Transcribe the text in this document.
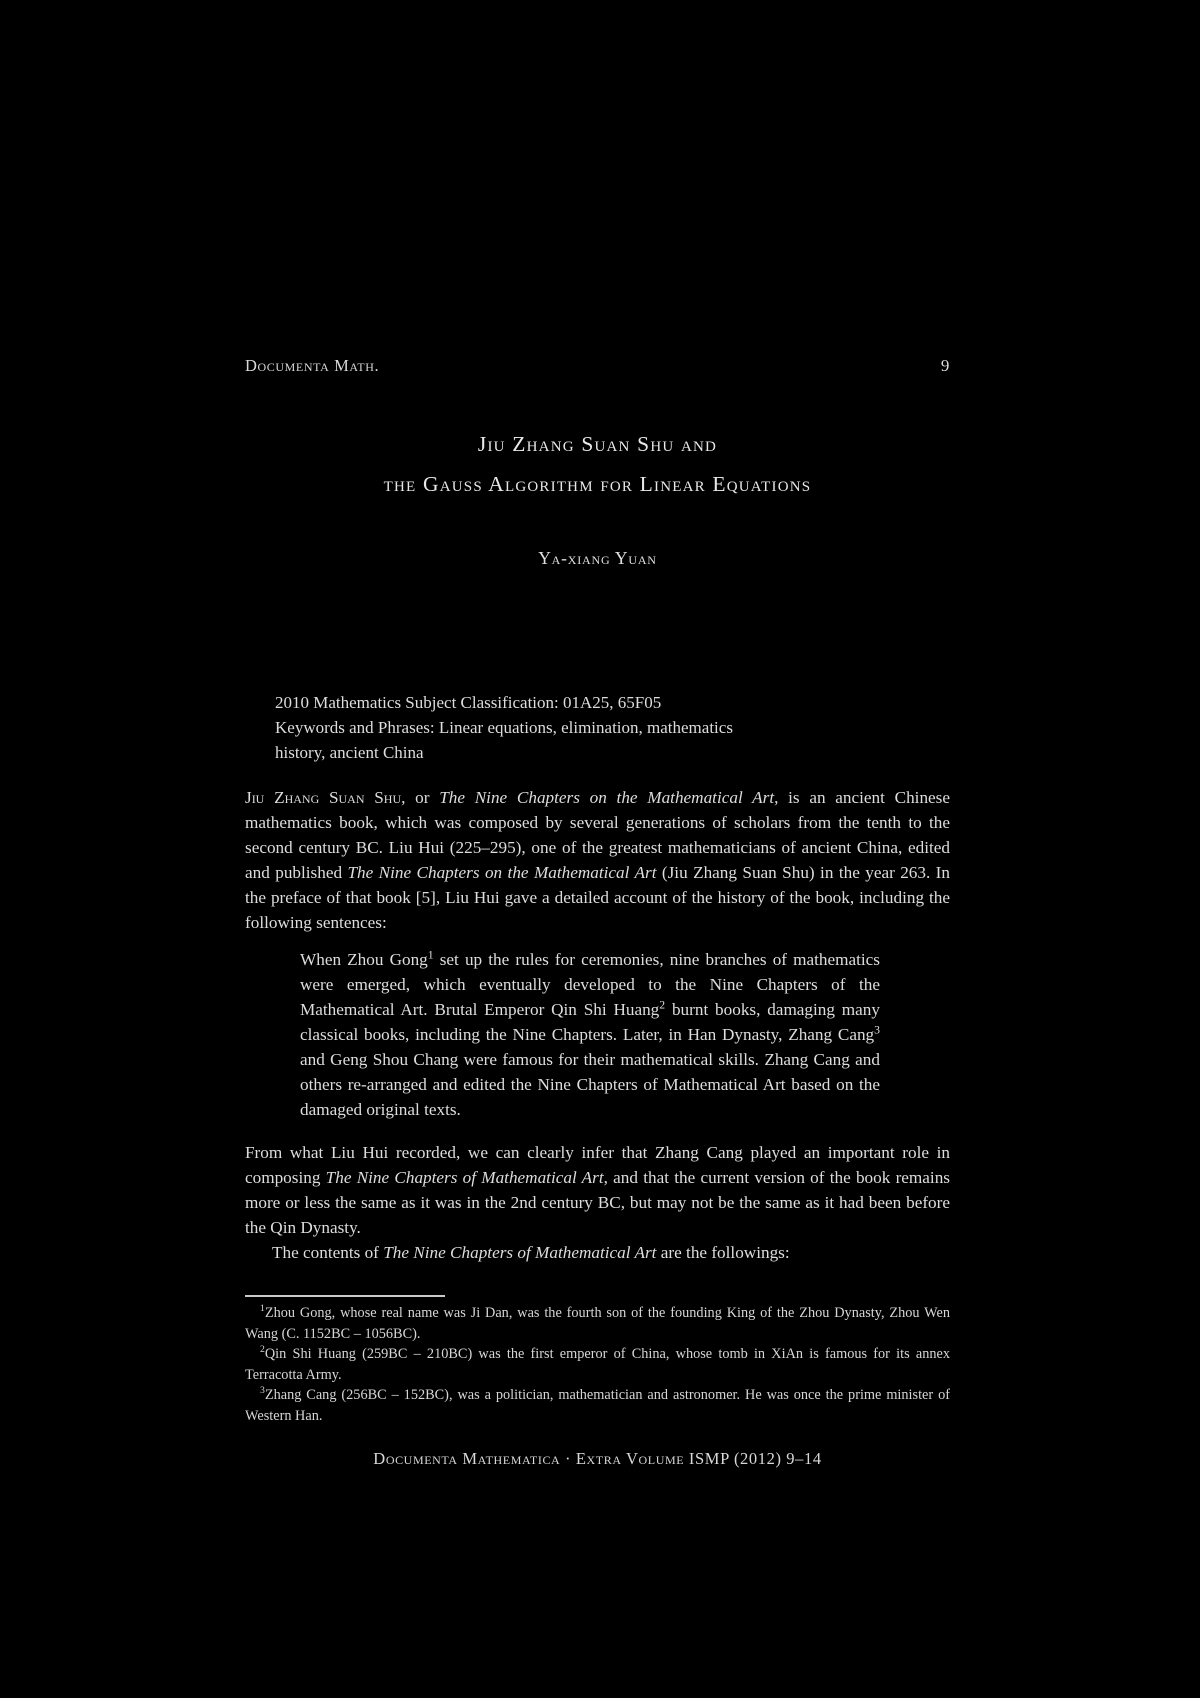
Documenta Math.	9
Jiu Zhang Suan Shu and
the Gauss Algorithm for Linear Equations
Ya-xiang Yuan

2010 Mathematics Subject Classification: 01A25, 65F05

Keywords and Phrases: Linear equations, elimination, mathematics

history, ancient China

Jiu Zhang Suan Shu, or The Nine Chapters on the Mathematical Art, is an ancient Chinese mathematics book, which was composed by several generations of scholars from the tenth to the second century BC. Liu Hui (225–295), one of the greatest mathematicians of ancient China, edited and published The Nine Chapters on the Mathematical Art (Jiu Zhang Suan Shu) in the year 263. In the preface of that book [5], Liu Hui gave a detailed account of the history of the book, including the following sentences:

When Zhou Gong$^1$ set up the rules for ceremonies, nine branches of mathematics were emerged, which eventually developed to the Nine Chapters of the Mathematical Art. Brutal Emperor Qin Shi Huang$^2$ burnt books, damaging many classical books, including the Nine Chapters. Later, in Han Dynasty, Zhang Cang$^3$ and Geng Shou Chang were famous for their mathematical skills. Zhang Cang and others re-arranged and edited the Nine Chapters of Mathematical Art based on the damaged original texts.

From what Liu Hui recorded, we can clearly infer that Zhang Cang played an important role in composing The Nine Chapters of Mathematical Art, and that the current version of the book remains more or less the same as it was in the 2nd century BC, but may not be the same as it had been before the Qin Dynasty.

The contents of The Nine Chapters of Mathematical Art are the followings:

$^1$Zhou Gong, whose real name was Ji Dan, was the fourth son of the founding King of the Zhou Dynasty, Zhou Wen Wang (C. 1152BC – 1056BC).

$^2$Qin Shi Huang (259BC – 210BC) was the first emperor of China, whose tomb in XiAn is famous for its annex Terracotta Army.

$^3$Zhang Cang (256BC – 152BC), was a politician, mathematician and astronomer. He was once the prime minister of Western Han.

Documenta Mathematica · Extra Volume ISMP (2012) 9–14
